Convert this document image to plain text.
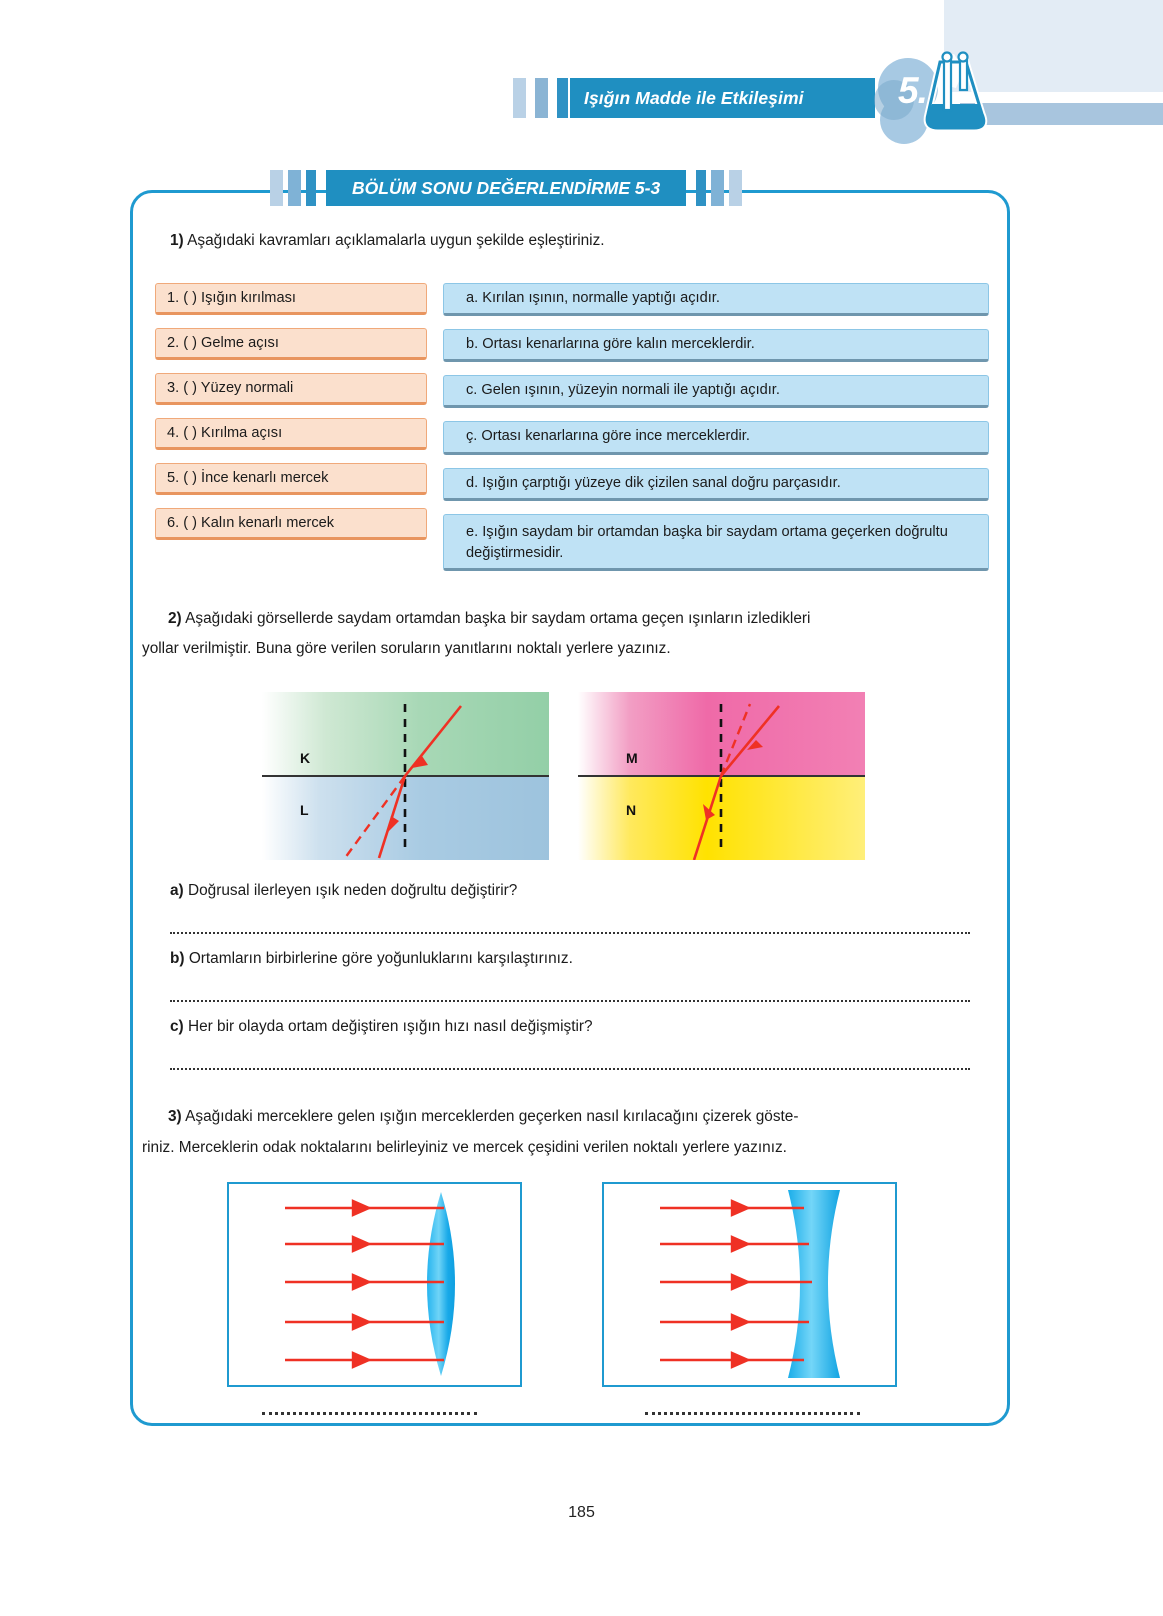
Işığın Madde ile Etkileşimi	5.
BÖLÜM SONU DEĞERLENDİRME 5-3
1) Aşağıdaki kavramları açıklamalarla uygun şekilde eşleştiriniz.
1. ( ) Işığın kırılması
2. ( ) Gelme açısı
3. ( ) Yüzey normali
4. ( ) Kırılma açısı
5. ( ) İnce kenarlı mercek
6. ( ) Kalın kenarlı mercek
a. Kırılan ışının, normalle yaptığı açıdır.
b. Ortası kenarlarına göre kalın merceklerdir.
c. Gelen ışının, yüzeyin normali ile yaptığı açıdır.
ç. Ortası kenarlarına göre ince merceklerdir.
d. Işığın çarptığı yüzeye dik çizilen sanal doğru parçasıdır.
e. Işığın saydam bir ortamdan başka bir saydam ortama geçerken doğrultu değiştirmesidir.
2) Aşağıdaki görsellerde saydam ortamdan başka bir saydam ortama geçen ışınların izledikleri
yollar verilmiştir. Buna göre verilen soruların yanıtlarını noktalı yerlere yazınız.
K
L
M
N
a) Doğrusal ilerleyen ışık neden doğrultu değiştirir?
b) Ortamların birbirlerine göre yoğunluklarını karşılaştırınız.
c) Her bir olayda ortam değiştiren ışığın hızı nasıl değişmiştir?
3) Aşağıdaki merceklere gelen ışığın merceklerden geçerken nasıl kırılacağını çizerek göste-
riniz. Merceklerin odak noktalarını belirleyiniz ve mercek çeşidini verilen noktalı yerlere yazınız.
185
